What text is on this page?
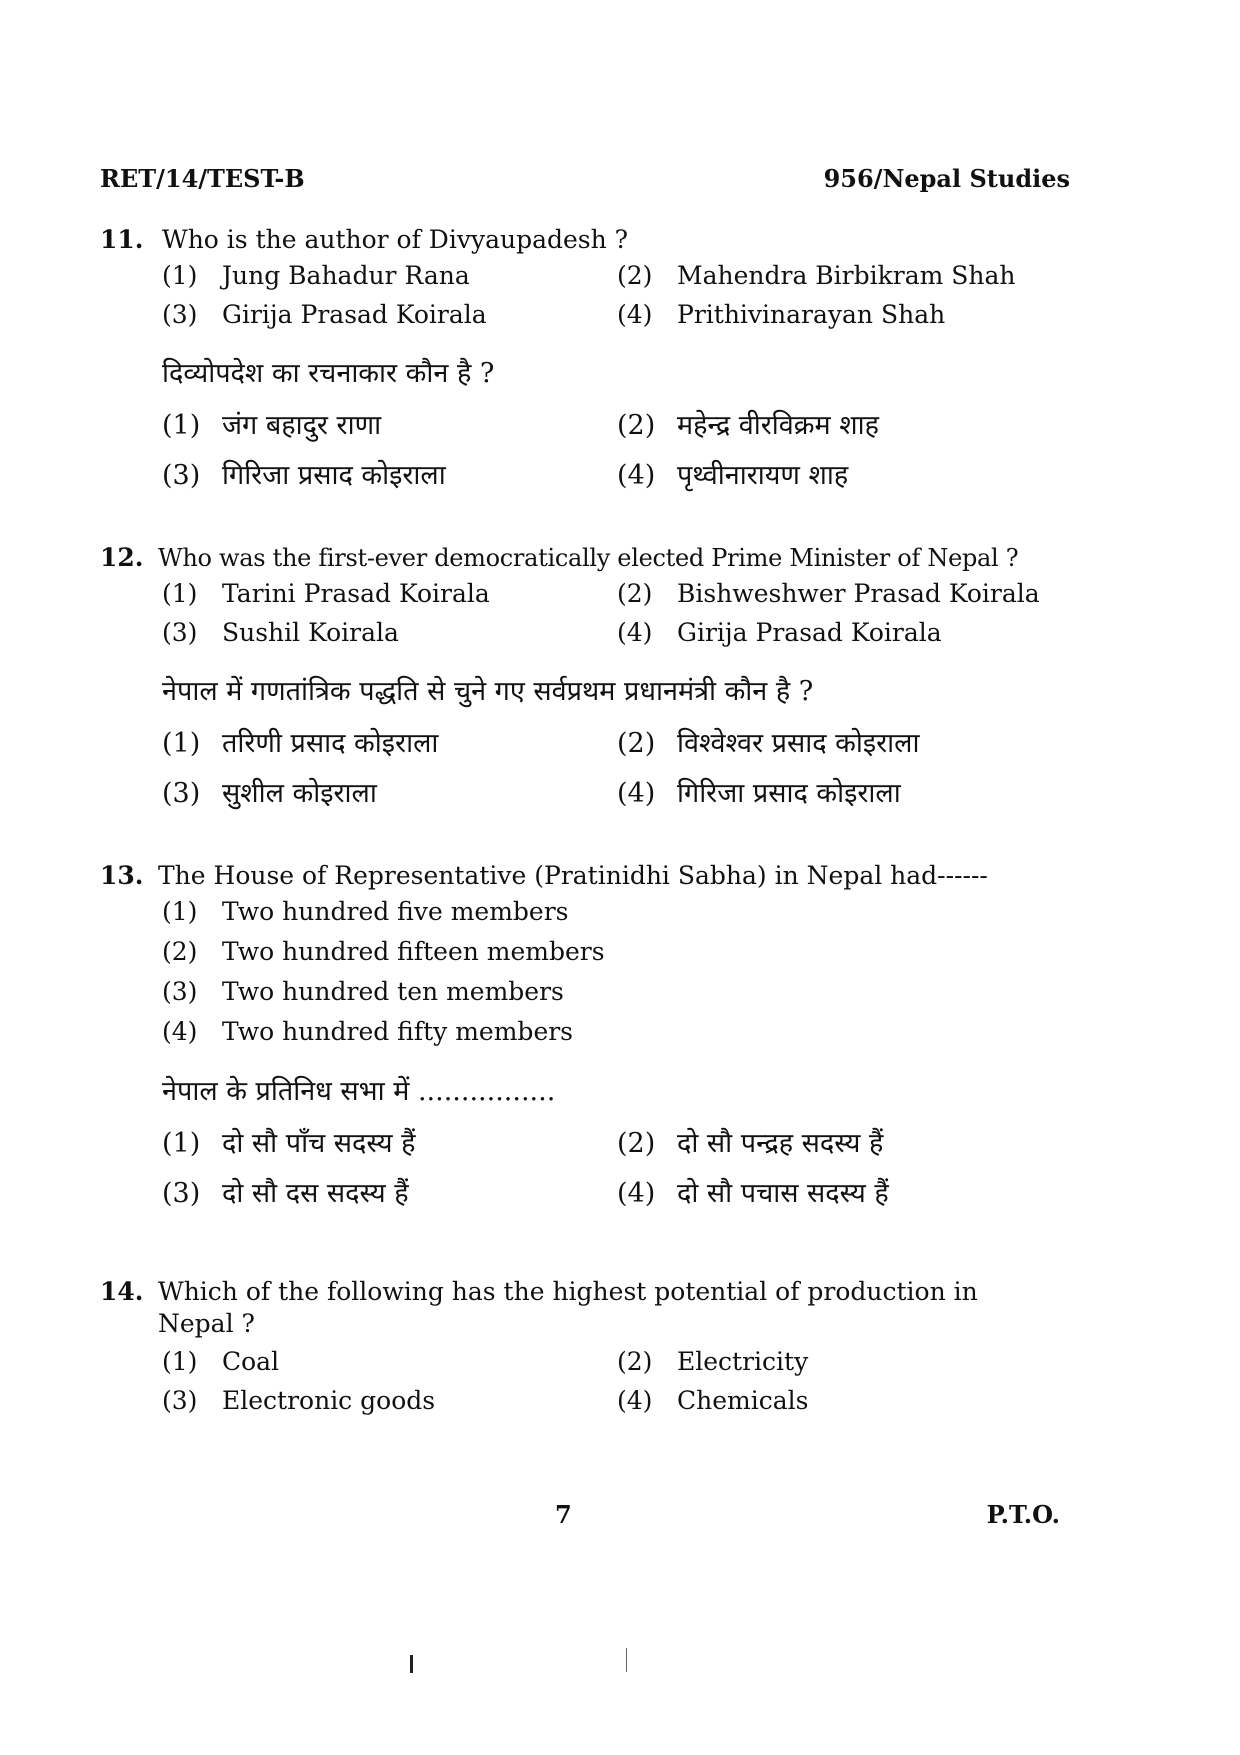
RET/14/TEST-B	956/Nepal Studies
11. Who is the author of Divyaupadesh ?
(1) Jung Bahadur Rana	(2) Mahendra Birbikram Shah
(3) Girija Prasad Koirala	(4) Prithivinarayan Shah
दिव्योपदेश का रचनाकार कौन है ?
(1) जंग बहादुर राणा	(2) महेन्द्र वीरविक्रम शाह
(3) गिरिजा प्रसाद कोइराला	(4) पृथ्वीनारायण शाह
12. Who was the first-ever democratically elected Prime Minister of Nepal ?
(1) Tarini Prasad Koirala	(2) Bishweshwer Prasad Koirala
(3) Sushil Koirala	(4) Girija Prasad Koirala
नेपाल में गणतांत्रिक पद्धति से चुने गए सर्वप्रथम प्रधानमंत्री कौन है ?
(1) तरिणी प्रसाद कोइराला	(2) विश्वेश्वर प्रसाद कोइराला
(3) सुशील कोइराला	(4) गिरिजा प्रसाद कोइराला
13. The House of Representative (Pratinidhi Sabha) in Nepal had------
(1) Two hundred five members
(2) Two hundred fifteen members
(3) Two hundred ten members
(4) Two hundred fifty members
नेपाल के प्रतिनिध सभा में ................
(1) दो सौ पाँच सदस्य हैं	(2) दो सौ पन्द्रह सदस्य हैं
(3) दो सौ दस सदस्य हैं	(4) दो सौ पचास सदस्य हैं
14. Which of the following has the highest potential of production in
Nepal ?
(1) Coal	(2) Electricity
(3) Electronic goods	(4) Chemicals
7	P.T.O.
